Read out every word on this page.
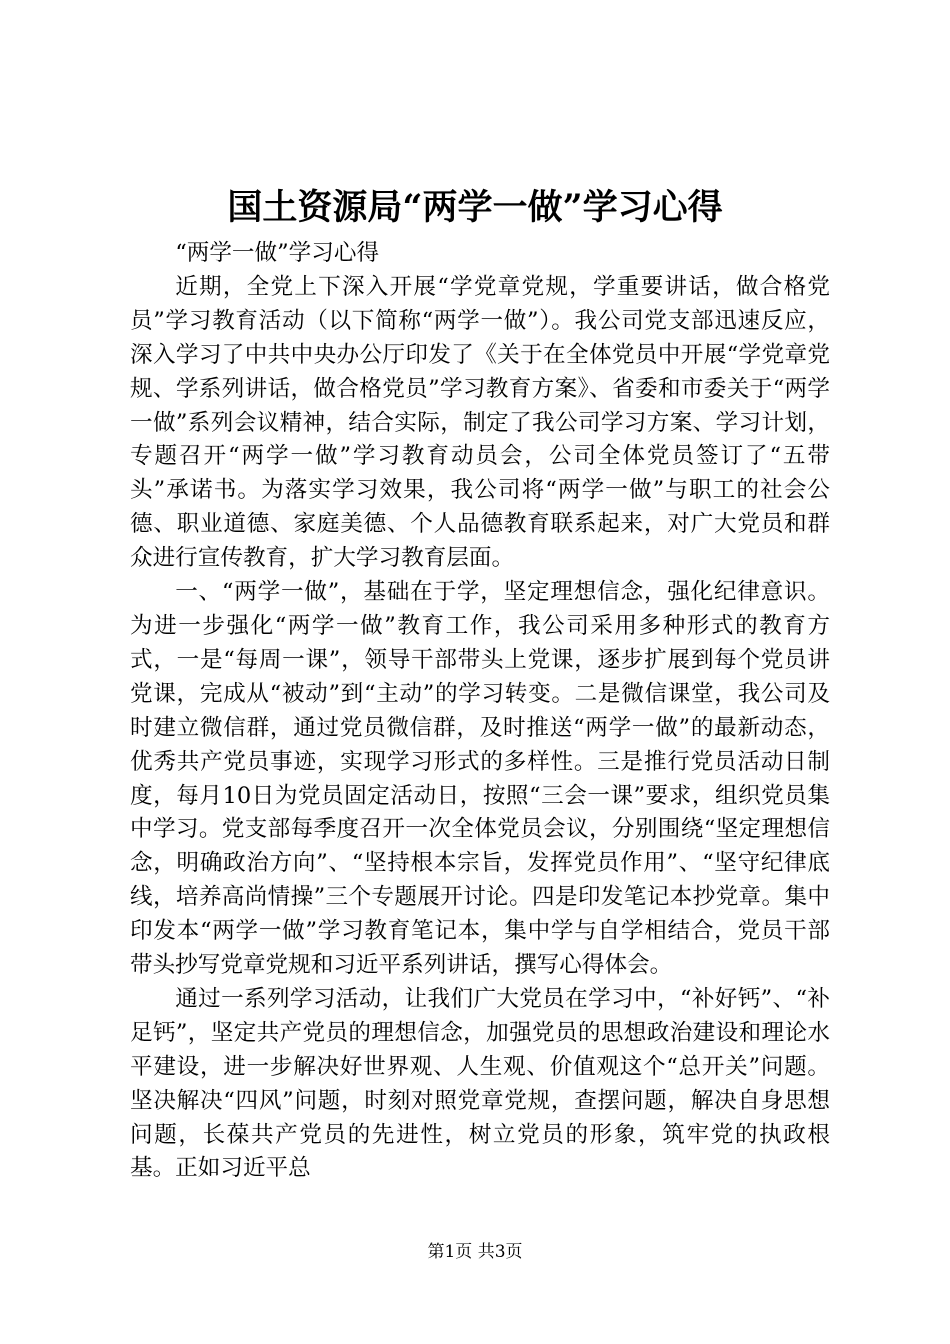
国土资源局“两学一做”学习心得

“两学一做”学习心得

近期，全党上下深入开展“学党章党规，学重要讲话，做合格党员”学习教育活动（以下简称“两学一做”）。我公司党支部迅速反应，深入学习了中共中央办公厅印发了《关于在全体党员中开展“学党章党规、学系列讲话，做合格党员”学习教育方案》、省委和市委关于“两学一做”系列会议精神，结合实际，制定了我公司学习方案、学习计划，专题召开“两学一做”学习教育动员会，公司全体党员签订了“五带头”承诺书。为落实学习效果，我公司将“两学一做”与职工的社会公德、职业道德、家庭美德、个人品德教育联系起来，对广大党员和群众进行宣传教育，扩大学习教育层面。

一、“两学一做”，基础在于学，坚定理想信念，强化纪律意识。为进一步强化“两学一做”教育工作，我公司采用多种形式的教育方式，一是“每周一课”，领导干部带头上党课，逐步扩展到每个党员讲党课，完成从“被动”到“主动”的学习转变。二是微信课堂，我公司及时建立微信群，通过党员微信群，及时推送“两学一做”的最新动态，优秀共产党员事迹，实现学习形式的多样性。三是推行党员活动日制度，每月10日为党员固定活动日，按照“三会一课”要求，组织党员集中学习。党支部每季度召开一次全体党员会议，分别围绕“坚定理想信念，明确政治方向”、“坚持根本宗旨，发挥党员作用”、“坚守纪律底线，培养高尚情操”三个专题展开讨论。四是印发笔记本抄党章。集中印发本“两学一做”学习教育笔记本，集中学与自学相结合，党员干部带头抄写党章党规和习近平系列讲话，撰写心得体会。

通过一系列学习活动，让我们广大党员在学习中，“补好钙”、“补足钙”，坚定共产党员的理想信念，加强党员的思想政治建设和理论水平建设，进一步解决好世界观、人生观、价值观这个“总开关”问题。坚决解决“四风”问题，时刻对照党章党规，查摆问题，解决自身思想问题，长葆共产党员的先进性，树立党员的形象，筑牢党的执政根基。正如习近平总

第1页 共3页
